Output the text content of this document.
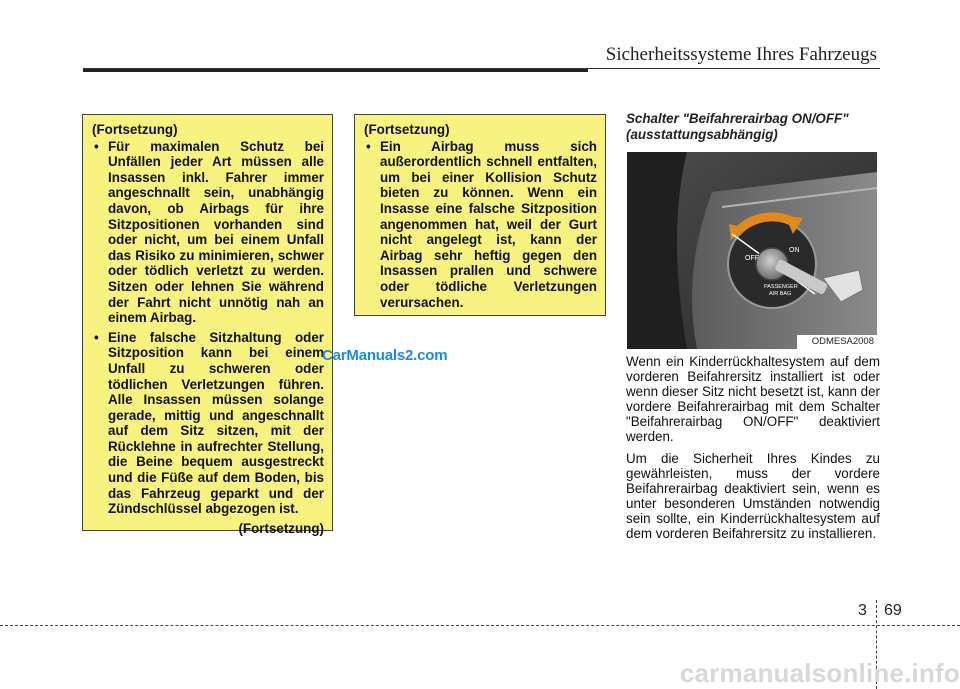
Sicherheitssysteme Ihres Fahrzeugs
(Fortsetzung)
• Für maximalen Schutz bei Unfällen jeder Art müssen alle Insassen inkl. Fahrer immer angeschnallt sein, unabhängig davon, ob Airbags für ihre Sitzpositionen vorhanden sind oder nicht, um bei einem Unfall das Risiko zu minimieren, schwer oder tödlich verletzt zu werden. Sitzen oder lehnen Sie während der Fahrt nicht unnötig nah an einem Airbag.
• Eine falsche Sitzhaltung oder Sitzposition kann bei einem Unfall zu schweren oder tödlichen Verletzungen führen. Alle Insassen müssen solange gerade, mittig und angeschnallt auf dem Sitz sitzen, mit der Rücklehne in aufrechter Stellung, die Beine bequem ausgestreckt und die Füße auf dem Boden, bis das Fahrzeug geparkt und der Zündschlüssel abgezogen ist.
(Fortsetzung)
(Fortsetzung)
• Ein Airbag muss sich außerordentlich schnell entfalten, um bei einer Kollision Schutz bieten zu können. Wenn ein Insasse eine falsche Sitzposition angenommen hat, weil der Gurt nicht angelegt ist, kann der Airbag sehr heftig gegen den Insassen prallen und schwere oder tödliche Verletzungen verursachen.
CarManuals2.com
Schalter "Beifahrerairbag ON/OFF"
(ausstattungsabhängig)
OFF
ON
PASSENGER
AIR BAG
ODMESA2008

Wenn ein Kinderrückhaltesystem auf dem vorderen Beifahrersitz installiert ist oder wenn dieser Sitz nicht besetzt ist, kann der vordere Beifahrerairbag mit dem Schalter "Beifahrerairbag ON/OFF" deaktiviert werden.

Um die Sicherheit Ihres Kindes zu gewährleisten, muss der vordere Beifahrerairbag deaktiviert sein, wenn es unter besonderen Umständen notwendig sein sollte, ein Kinderrückhaltesystem auf dem vorderen Beifahrersitz zu installieren.

3 69
carmanualsonline.info
